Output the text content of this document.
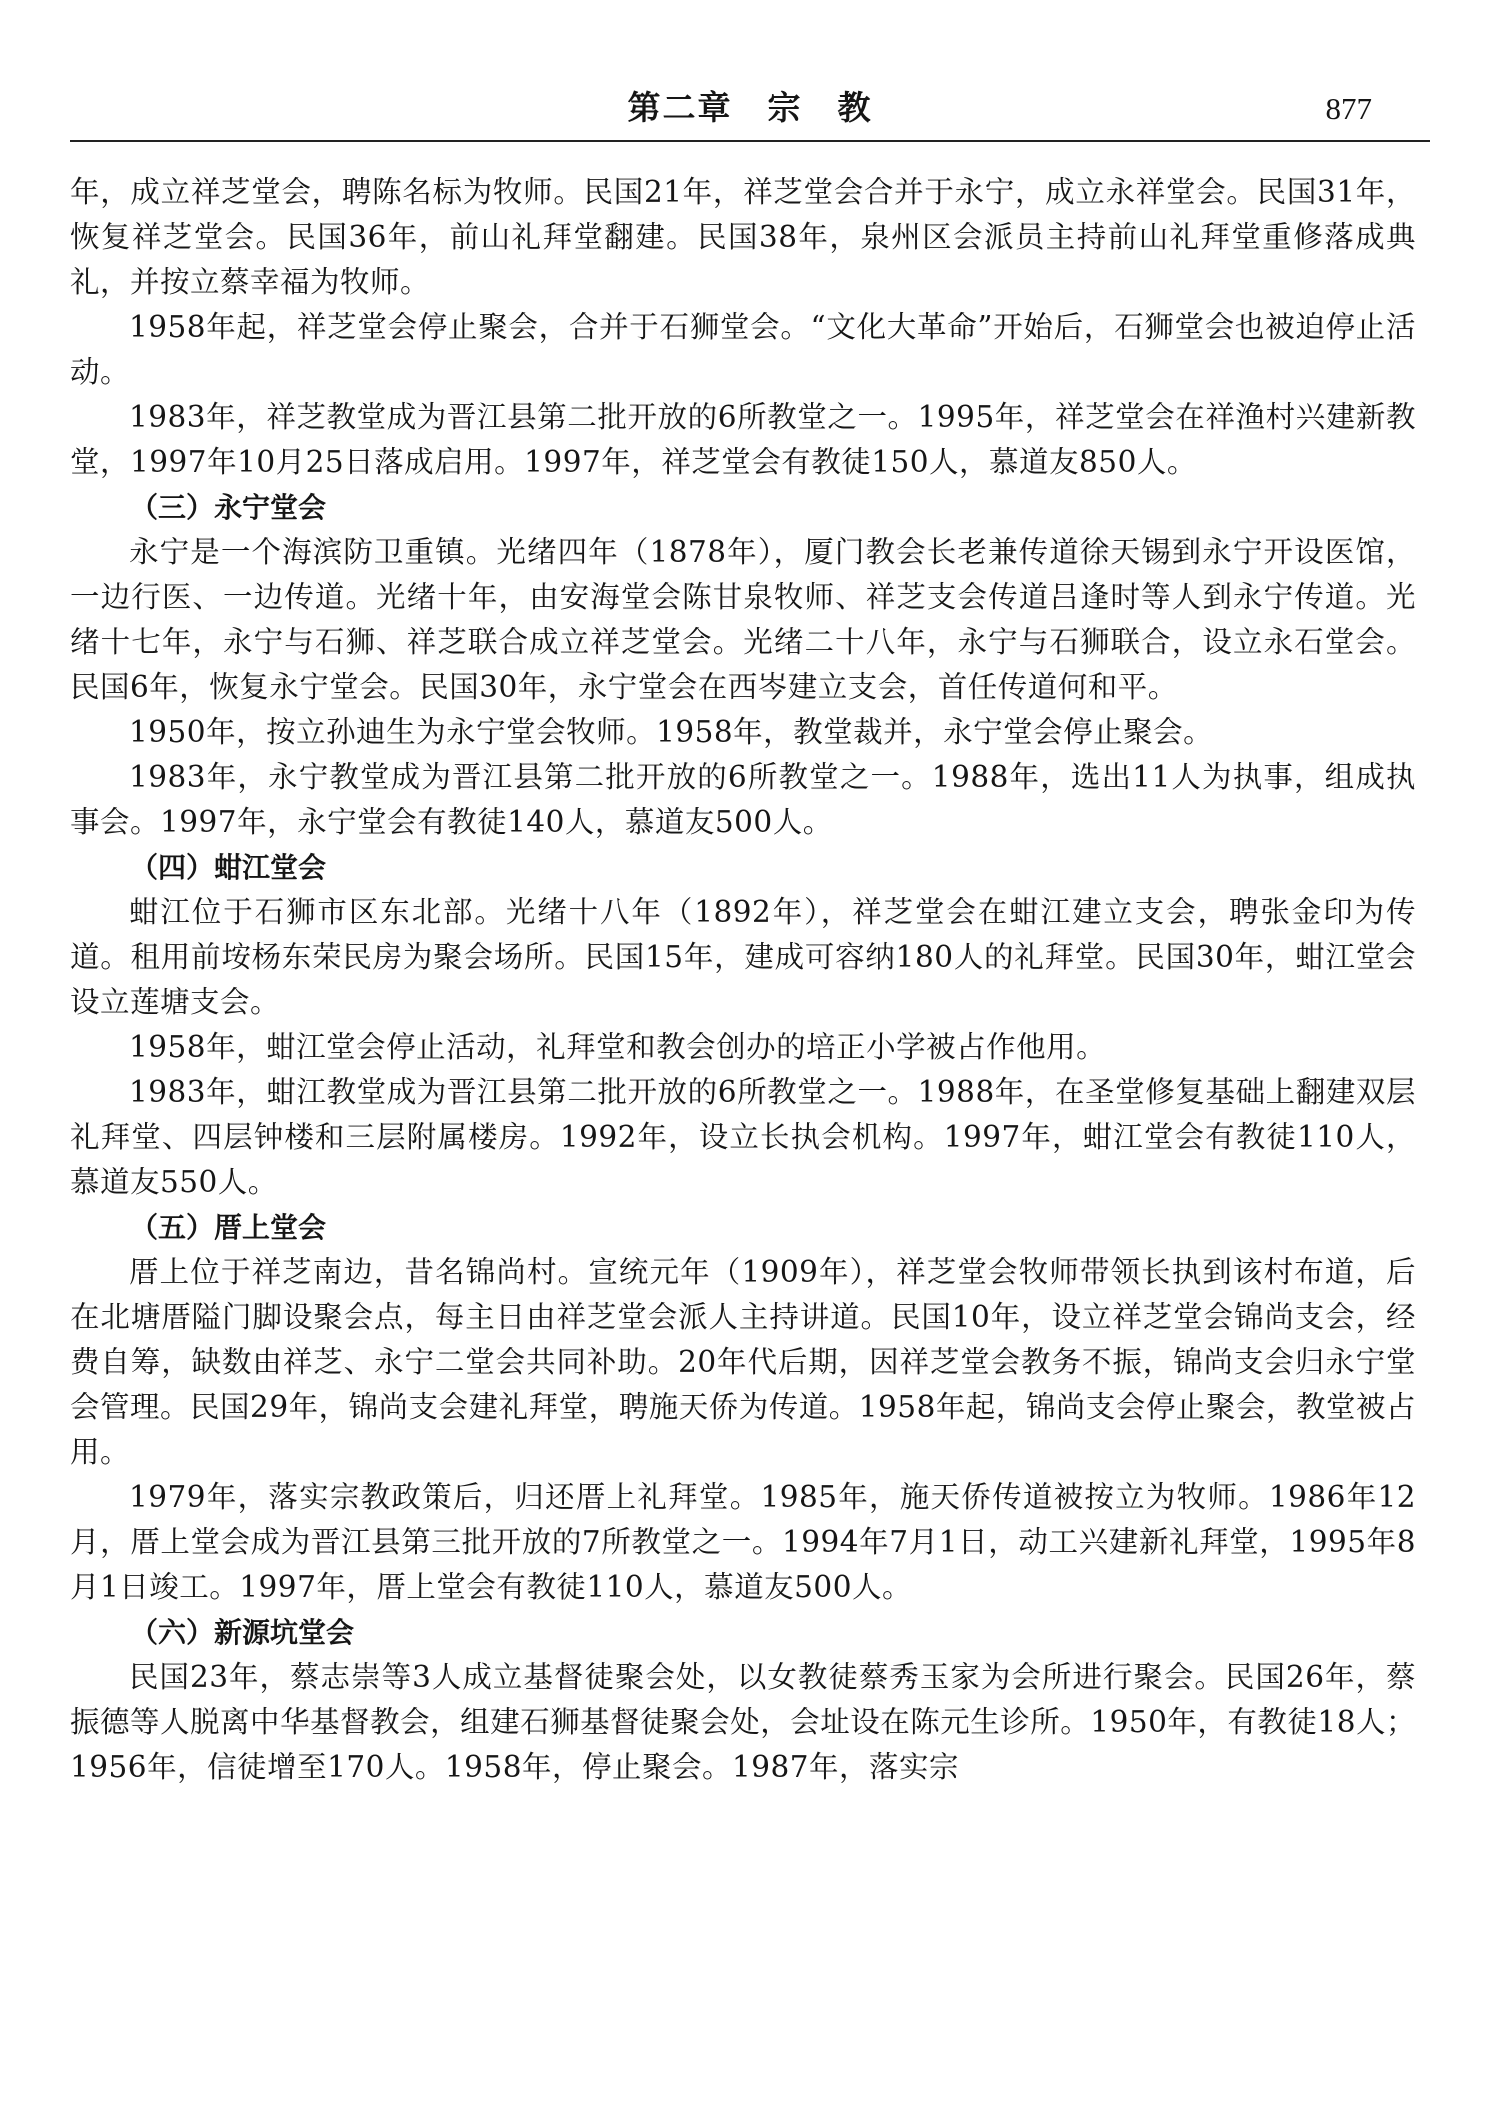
第二章　宗　教	877

年，成立祥芝堂会，聘陈名标为牧师。民国21年，祥芝堂会合并于永宁，成立永祥堂会。民国31年，恢复祥芝堂会。民国36年，前山礼拜堂翻建。民国38年，泉州区会派员主持前山礼拜堂重修落成典礼，并按立蔡幸福为牧师。

1958年起，祥芝堂会停止聚会，合并于石狮堂会。“文化大革命”开始后，石狮堂会也被迫停止活动。

1983年，祥芝教堂成为晋江县第二批开放的6所教堂之一。1995年，祥芝堂会在祥渔村兴建新教堂，1997年10月25日落成启用。1997年，祥芝堂会有教徒150人，慕道友850人。

（三）永宁堂会

永宁是一个海滨防卫重镇。光绪四年（1878年），厦门教会长老兼传道徐天锡到永宁开设医馆，一边行医、一边传道。光绪十年，由安海堂会陈甘泉牧师、祥芝支会传道吕逢时等人到永宁传道。光绪十七年，永宁与石狮、祥芝联合成立祥芝堂会。光绪二十八年，永宁与石狮联合，设立永石堂会。民国6年，恢复永宁堂会。民国30年，永宁堂会在西岑建立支会，首任传道何和平。

1950年，按立孙迪生为永宁堂会牧师。1958年，教堂裁并，永宁堂会停止聚会。

1983年，永宁教堂成为晋江县第二批开放的6所教堂之一。1988年，选出11人为执事，组成执事会。1997年，永宁堂会有教徒140人，慕道友500人。

（四）蚶江堂会

蚶江位于石狮市区东北部。光绪十八年（1892年），祥芝堂会在蚶江建立支会，聘张金印为传道。租用前垵杨东荣民房为聚会场所。民国15年，建成可容纳180人的礼拜堂。民国30年，蚶江堂会设立莲塘支会。

1958年，蚶江堂会停止活动，礼拜堂和教会创办的培正小学被占作他用。

1983年，蚶江教堂成为晋江县第二批开放的6所教堂之一。1988年，在圣堂修复基础上翻建双层礼拜堂、四层钟楼和三层附属楼房。1992年，设立长执会机构。1997年，蚶江堂会有教徒110人，慕道友550人。

（五）厝上堂会

厝上位于祥芝南边，昔名锦尚村。宣统元年（1909年），祥芝堂会牧师带领长执到该村布道，后在北塘厝隘门脚设聚会点，每主日由祥芝堂会派人主持讲道。民国10年，设立祥芝堂会锦尚支会，经费自筹，缺数由祥芝、永宁二堂会共同补助。20年代后期，因祥芝堂会教务不振，锦尚支会归永宁堂会管理。民国29年，锦尚支会建礼拜堂，聘施天侨为传道。1958年起，锦尚支会停止聚会，教堂被占用。

1979年，落实宗教政策后，归还厝上礼拜堂。1985年，施天侨传道被按立为牧师。1986年12月，厝上堂会成为晋江县第三批开放的7所教堂之一。1994年7月1日，动工兴建新礼拜堂，1995年8月1日竣工。1997年，厝上堂会有教徒110人，慕道友500人。

（六）新源坑堂会

民国23年，蔡志崇等3人成立基督徒聚会处，以女教徒蔡秀玉家为会所进行聚会。民国26年，蔡振德等人脱离中华基督教会，组建石狮基督徒聚会处，会址设在陈元生诊所。1950年，有教徒18人；1956年，信徒增至170人。1958年，停止聚会。1987年，落实宗
